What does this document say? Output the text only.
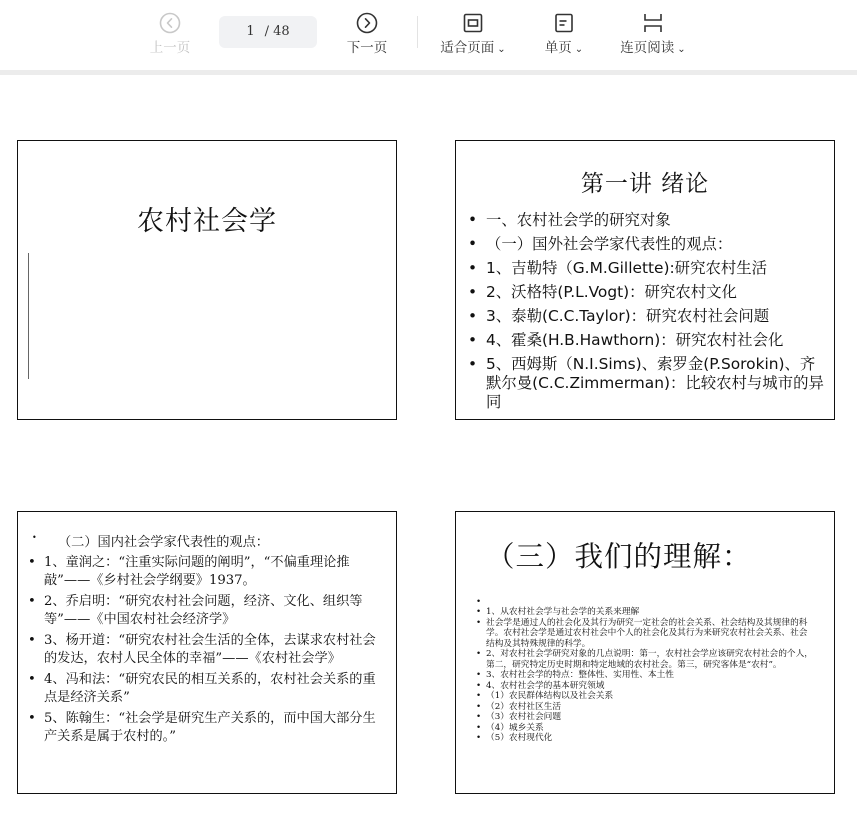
上一页
1 / 48
下一页	适合页面 ⌄	单页 ⌄	连页阅读 ⌄
农村社会学
第一讲 绪论
• 一、农村社会学的研究对象
• （一）国外社会学家代表性的观点：
• 1、吉勒特（G.M.Gillette):研究农村生活
• 2、沃格特(P.L.Vogt)：研究农村文化
• 3、泰勒(C.C.Taylor)：研究农村社会问题
• 4、霍桑(H.B.Hawthorn)：研究农村社会化
• 5、西姆斯（N.I.Sims)、索罗金(P.Sorokin)、齐默尔曼(C.C.Zimmerman)：比较农村与城市的异同
• （二）国内社会学家代表性的观点：
• 1、童润之：“注重实际问题的阐明”，“不偏重理论推敲”——《乡村社会学纲要》1937。
• 2、乔启明：“研究农村社会问题，经济、文化、组织等等”——《中国农村社会经济学》
• 3、杨开道：“研究农村社会生活的全体，去谋求农村社会的发达，农村人民全体的幸福”——《农村社会学》
• 4、冯和法：“研究农民的相互关系的，农村社会关系的重点是经济关系”
• 5、陈翰生：“社会学是研究生产关系的，而中国大部分生产关系是属于农村的。”
（三）我们的理解：
•
• 1、从农村社会学与社会学的关系来理解
• 社会学是通过人的社会化及其行为研究一定社会的社会关系、社会结构及其规律的科学。农村社会学是通过农村社会中个人的社会化及其行为来研究农村社会关系、社会结构及其特殊规律的科学。
• 2、对农村社会学研究对象的几点说明：第一，农村社会学应该研究农村社会的个人，第二，研究特定历史时期和特定地域的农村社会。第三，研究客体是“农村”。
• 3、农村社会学的特点：整体性、实用性、本土性
• 4、农村社会学的基本研究领域
• （1）农民群体结构以及社会关系
• （2）农村社区生活
• （3）农村社会问题
• （4）城乡关系
• （5）农村现代化
